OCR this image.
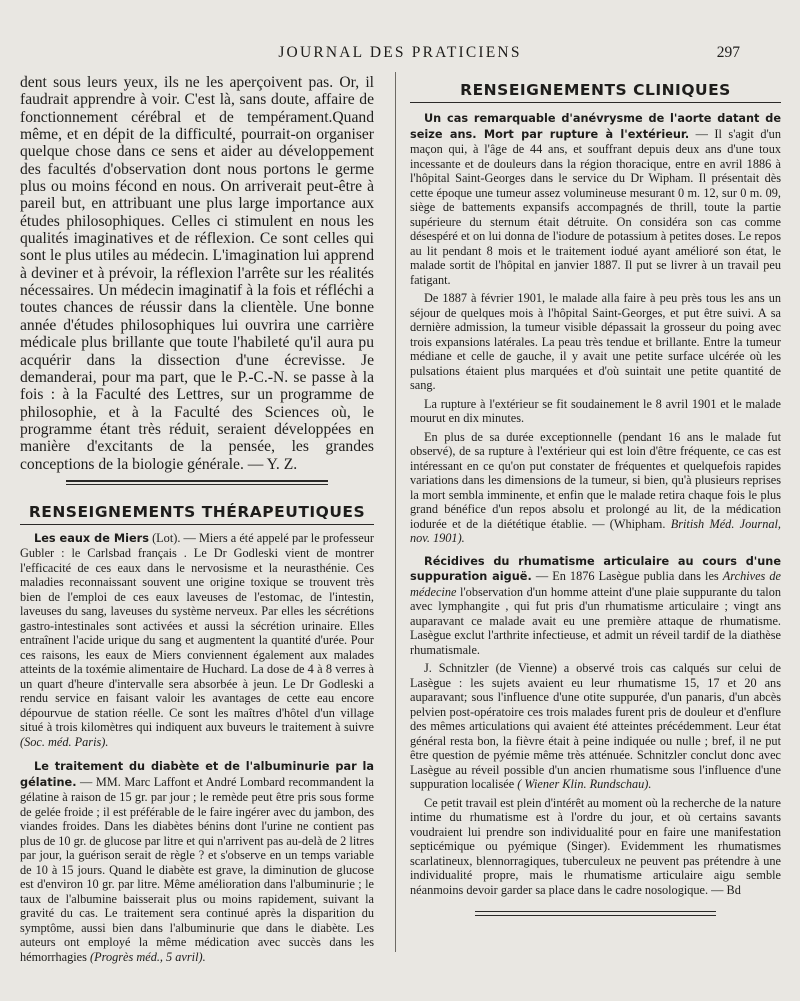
JOURNAL DES PRATICIENS	297

dent sous leurs yeux, ils ne les aperçoivent pas. Or, il faudrait apprendre à voir. C'est là, sans doute, affaire de fonctionnement cérébral et de tempérament.Quand même, et en dépit de la difficulté, pourrait-on organiser quelque chose dans ce sens et aider au développement des facultés d'observation dont nous portons le germe plus ou moins fécond en nous. On arriverait peut-être à pareil but, en attribuant une plus large importance aux études philosophiques. Celles ci stimulent en nous les qualités imaginatives et de réflexion. Ce sont celles qui sont le plus utiles au médecin. L'imagination lui apprend à deviner et à prévoir, la réflexion l'arrête sur les réalités nécessaires. Un médecin imaginatif à la fois et réfléchi a toutes chances de réussir dans la clientèle. Une bonne année d'études philosophiques lui ouvrira une carrière médicale plus brillante que toute l'habileté qu'il aura pu acquérir dans la dissection d'une écrevisse. Je demanderai, pour ma part, que le P.-C.-N. se passe à la fois : à la Faculté des Lettres, sur un programme de philosophie, et à la Faculté des Sciences où, le programme étant très réduit, seraient développées en manière d'excitants de la pensée, les grandes conceptions de la biologie générale. — Y. Z.

RENSEIGNEMENTS THÉRAPEUTIQUES

Les eaux de Miers (Lot). — Miers a été appelé par le professeur Gubler : le Carlsbad français . Le Dr Godleski vient de montrer l'efficacité de ces eaux dans le nervosisme et la neurasthénie. Ces maladies reconnaissant souvent une origine toxique se trouvent très bien de l'emploi de ces eaux laveuses de l'estomac, de l'intestin, laveuses du sang, laveuses du système nerveux. Par elles les sécrétions gastro-intestinales sont activées et aussi la sécrétion urinaire. Elles entraînent l'acide urique du sang et augmentent la quantité d'urée. Pour ces raisons, les eaux de Miers conviennent également aux malades atteints de la toxémie alimentaire de Huchard. La dose de 4 à 8 verres à un quart d'heure d'intervalle sera absorbée à jeun. Le Dr Godleski a rendu service en faisant valoir les avantages de cette eau encore dépourvue de station réelle. Ce sont les maîtres d'hôtel d'un village situé à trois kilomètres qui indiquent aux buveurs le traitement à suivre (Soc. méd. Paris).

Le traitement du diabète et de l'albuminurie par la gélatine. — MM. Marc Laffont et André Lombard recommandent la gélatine à raison de 15 gr. par jour ; le remède peut être pris sous forme de gelée froide ; il est préférable de le faire ingérer avec du jambon, des viandes froides. Dans les diabètes bénins dont l'urine ne contient pas plus de 10 gr. de glucose par litre et qui n'arrivent pas au-delà de 2 litres par jour, la guérison serait de règle ? et s'observe en un temps variable de 10 à 15 jours. Quand le diabète est grave, la diminution de glucose est d'environ 10 gr. par litre. Même amélioration dans l'albuminurie ; le taux de l'albumine baisserait plus ou moins rapidement, suivant la gravité du cas. Le traitement sera continué après la disparition du symptôme, aussi bien dans l'albuminurie que dans le diabète. Les auteurs ont employé la même médication avec succès dans les hémorrhagies (Progrès méd., 5 avril).

RENSEIGNEMENTS CLINIQUES

Un cas remarquable d'anévrysme de l'aorte datant de seize ans. Mort par rupture à l'extérieur. — Il s'agit d'un maçon qui, à l'âge de 44 ans, et souffrant depuis deux ans d'une toux incessante et de douleurs dans la région thoracique, entre en avril 1886 à l'hôpital Saint-Georges dans le service du Dr Wipham. Il présentait dès cette époque une tumeur assez volumineuse mesurant 0 m. 12, sur 0 m. 09, siège de battements expansifs accompagnés de thrill, toute la partie supérieure du sternum était détruite. On considéra son cas comme désespéré et on lui donna de l'iodure de potassium à petites doses. Le repos au lit pendant 8 mois et le traitement iodué ayant amélioré son état, le malade sortit de l'hôpital en janvier 1887. Il put se livrer à un travail peu fatigant.

De 1887 à février 1901, le malade alla faire à peu près tous les ans un séjour de quelques mois à l'hôpital Saint-Georges, et put être suivi. A sa dernière admission, la tumeur visible dépassait la grosseur du poing avec trois expansions latérales. La peau très tendue et brillante. Entre la tumeur médiane et celle de gauche, il y avait une petite surface ulcérée où les pulsations étaient plus marquées et d'où suintait une petite quantité de sang.

La rupture à l'extérieur se fit soudainement le 8 avril 1901 et le malade mourut en dix minutes.

En plus de sa durée exceptionnelle (pendant 16 ans le malade fut observé), de sa rupture à l'extérieur qui est loin d'être fréquente, ce cas est intéressant en ce qu'on put constater de fréquentes et quelquefois rapides variations dans les dimensions de la tumeur, si bien, qu'à plusieurs reprises la mort sembla imminente, et enfin que le malade retira chaque fois le plus grand bénéfice d'un repos absolu et prolongé au lit, de la médication iodurée et de la diététique établie. — (Whipham. British Méd. Journal, nov. 1901).

Récidives du rhumatisme articulaire au cours d'une suppuration aiguë. — En 1876 Lasègue publia dans les Archives de médecine l'observation d'un homme atteint d'une plaie suppurante du talon avec lymphangite , qui fut pris d'un rhumatisme articulaire ; vingt ans auparavant ce malade avait eu une première attaque de rhumatisme. Lasègue exclut l'arthrite infectieuse, et admit un réveil tardif de la diathèse rhumatismale.

J. Schnitzler (de Vienne) a observé trois cas calqués sur celui de Lasègue : les sujets avaient eu leur rhumatisme 15, 17 et 20 ans auparavant; sous l'influence d'une otite suppurée, d'un panaris, d'un abcès pelvien post-opératoire ces trois malades furent pris de douleur et d'enflure des mêmes articulations qui avaient été atteintes précédemment. Leur état général resta bon, la fièvre était à peine indiquée ou nulle ; bref, il ne put être question de pyémie même très atténuée. Schnitzler conclut donc avec Lasègue au réveil possible d'un ancien rhumatisme sous l'influence d'une suppuration localisée ( Wiener Klin. Rundschau).

Ce petit travail est plein d'intérêt au moment où la recherche de la nature intime du rhumatisme est à l'ordre du jour, et où certains savants voudraient lui prendre son individualité pour en faire une manifestation septicémique ou pyémique (Singer). Evidemment les rhumatismes scarlatineux, blennorragiques, tuberculeux ne peuvent pas prétendre à une individualité propre, mais le rhumatisme articulaire aigu semble néanmoins devoir garder sa place dans le cadre nosologique. — Bd
